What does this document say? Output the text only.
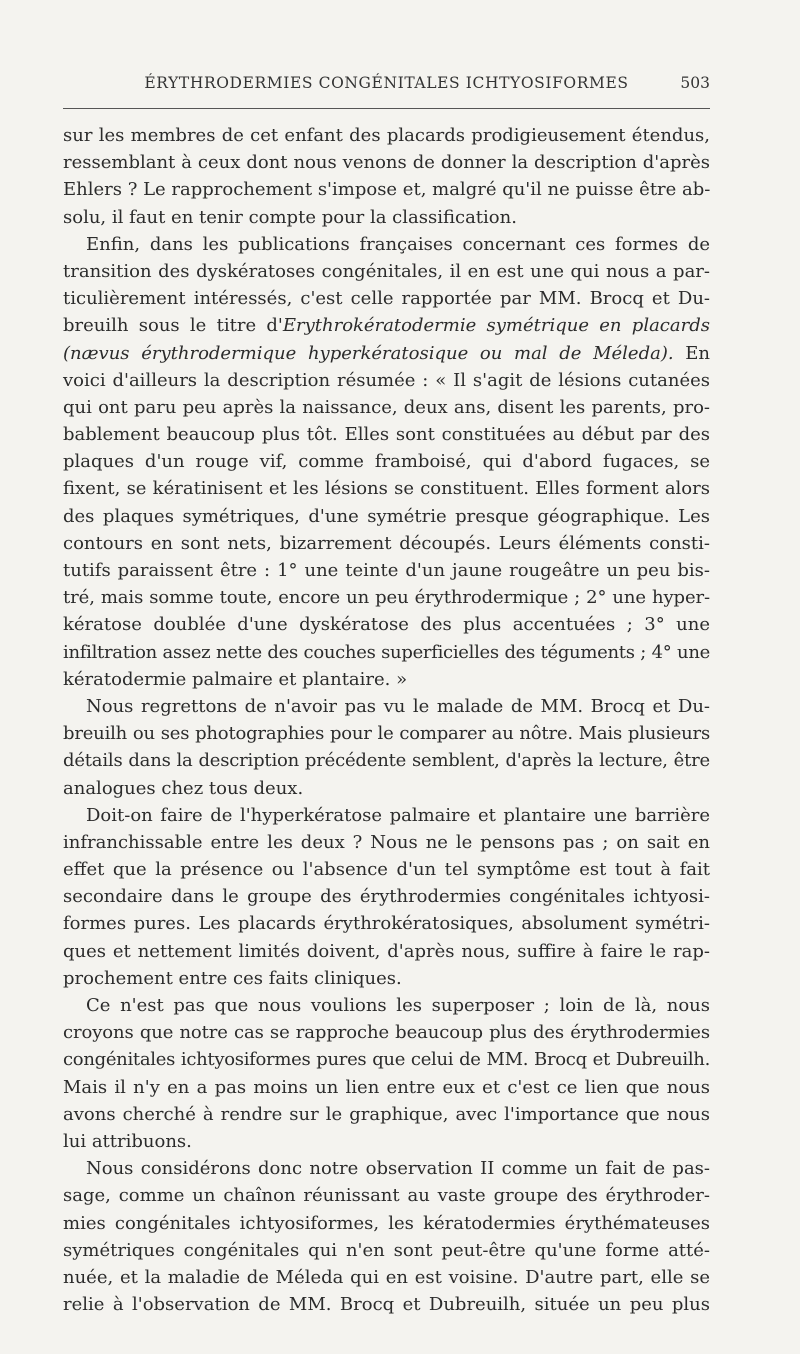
ÉRYTHRODERMIES CONGÉNITALES ICHTYOSIFORMES	503
sur les membres de cet enfant des placards prodigieusement étendus,
ressemblant à ceux dont nous venons de donner la description d'après
Ehlers ? Le rapprochement s'impose et, malgré qu'il ne puisse être ab-
solu, il faut en tenir compte pour la classification.
Enfin, dans les publications françaises concernant ces formes de
transition des dyskératoses congénitales, il en est une qui nous a par-
ticulièrement intéressés, c'est celle rapportée par MM. Brocq et Du-
breuilh sous le titre d'Erythrokératodermie symétrique en placards
(nævus érythrodermique hyperkératosique ou mal de Méleda). En
voici d'ailleurs la description résumée : « Il s'agit de lésions cutanées
qui ont paru peu après la naissance, deux ans, disent les parents, pro-
bablement beaucoup plus tôt. Elles sont constituées au début par des
plaques d'un rouge vif, comme framboisé, qui d'abord fugaces, se
fixent, se kératinisent et les lésions se constituent. Elles forment alors
des plaques symétriques, d'une symétrie presque géographique. Les
contours en sont nets, bizarrement découpés. Leurs éléments consti-
tutifs paraissent être : 1° une teinte d'un jaune rougeâtre un peu bis-
tré, mais somme toute, encore un peu érythrodermique ; 2° une hyper-
kératose doublée d'une dyskératose des plus accentuées ; 3° une
infiltration assez nette des couches superficielles des téguments ; 4° une
kératodermie palmaire et plantaire. »
Nous regrettons de n'avoir pas vu le malade de MM. Brocq et Du-
breuilh ou ses photographies pour le comparer au nôtre. Mais plusieurs
détails dans la description précédente semblent, d'après la lecture, être
analogues chez tous deux.
Doit-on faire de l'hyperkératose palmaire et plantaire une barrière
infranchissable entre les deux ? Nous ne le pensons pas ; on sait en
effet que la présence ou l'absence d'un tel symptôme est tout à fait
secondaire dans le groupe des érythrodermies congénitales ichtyosi-
formes pures. Les placards érythrokératosiques, absolument symétri-
ques et nettement limités doivent, d'après nous, suffire à faire le rap-
prochement entre ces faits cliniques.
Ce n'est pas que nous voulions les superposer ; loin de là, nous
croyons que notre cas se rapproche beaucoup plus des érythrodermies
congénitales ichtyosiformes pures que celui de MM. Brocq et Dubreuilh.
Mais il n'y en a pas moins un lien entre eux et c'est ce lien que nous
avons cherché à rendre sur le graphique, avec l'importance que nous
lui attribuons.
Nous considérons donc notre observation II comme un fait de pas-
sage, comme un chaînon réunissant au vaste groupe des érythroder-
mies congénitales ichtyosiformes, les kératodermies érythémateuses
symétriques congénitales qui n'en sont peut-être qu'une forme atté-
nuée, et la maladie de Méleda qui en est voisine. D'autre part, elle se
relie à l'observation de MM. Brocq et Dubreuilh, située un peu plus
